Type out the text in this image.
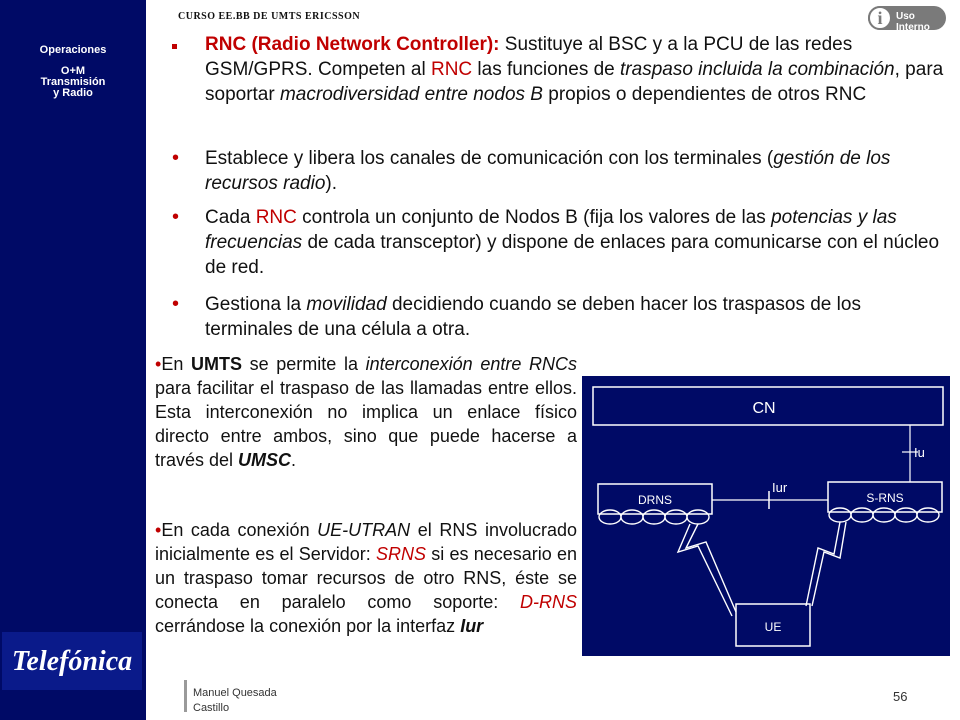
Operaciones
O+M
Transmisión
y Radio
Telefónica
CURSO EE.BB DE UMTS ERICSSON	i	Uso Interno
RNC (Radio Network Controller): Sustituye al BSC y a la PCU de las redes GSM/GPRS. Competen al RNC las funciones de traspaso incluida la combinación, para soportar macrodiversidad entre nodos B propios o dependientes de otros RNC
• Establece y libera los canales de comunicación con los terminales (gestión de los recursos radio).
• Cada RNC controla un conjunto de Nodos B (fija los valores de las potencias y las frecuencias de cada transceptor) y dispone de enlaces para comunicarse con el núcleo de red.
• Gestiona la movilidad decidiendo cuando se deben hacer los traspasos de los terminales de una célula a otra.
•En UMTS se permite la interconexión entre RNCs para facilitar el traspaso de las llamadas entre ellos. Esta interconexión no implica un enlace físico directo entre ambos, sino que puede hacerse a través del UMSC.
•En cada conexión UE-UTRAN el RNS involucrado inicialmente es el Servidor: SRNS si es necesario en un traspaso tomar recursos de otro RNS, éste se conecta en paralelo como soporte: D-RNS cerrándose la conexión por la interfaz Iur
CN
Iu
DRNS	S-RNS
Iur
UE
Manuel Quesada
Castillo
56
